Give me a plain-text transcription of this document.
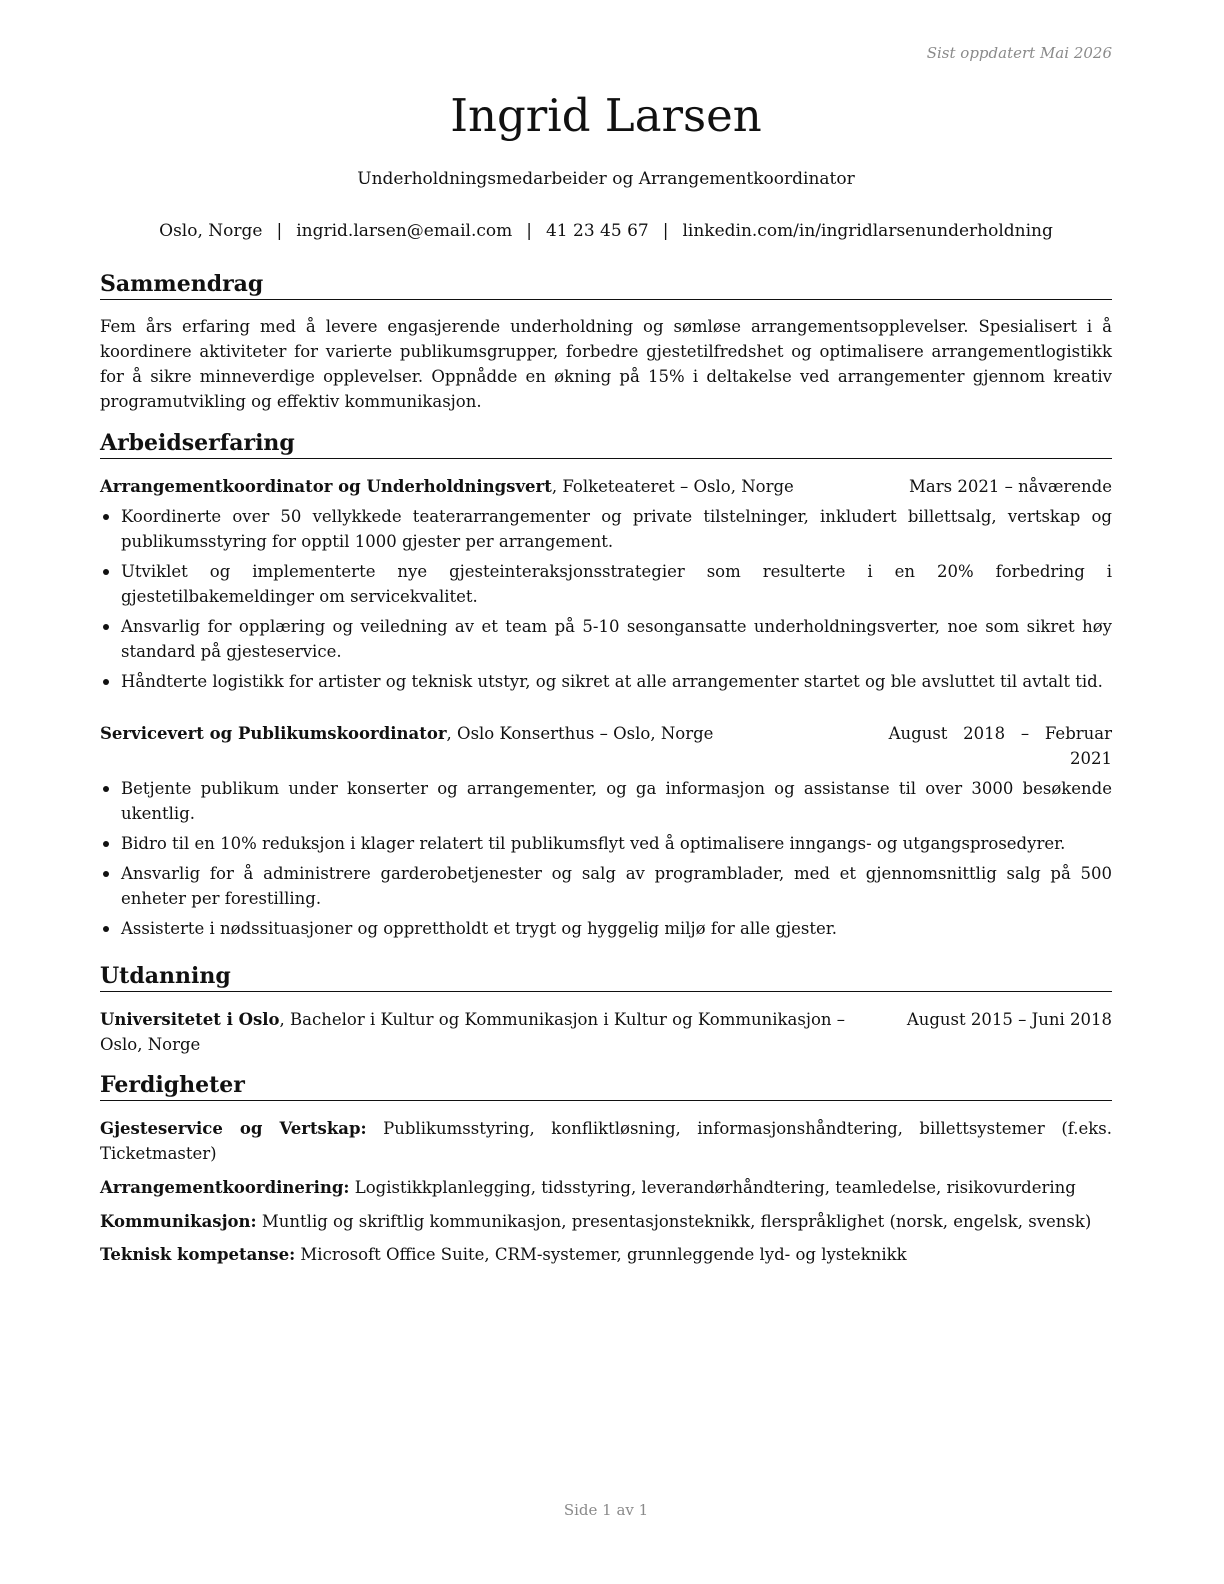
Sist oppdatert Mai 2026
Ingrid Larsen
Underholdningsmedarbeider og Arrangementkoordinator
Oslo, Norge | ingrid.larsen@email.com | 41 23 45 67 | linkedin.com/in/ingridlarsenunderholdning
Sammendrag
Fem års erfaring med å levere engasjerende underholdning og sømløse arrangementsopplevelser. Spesialisert i å koordinere aktiviteter for varierte publikumsgrupper, forbedre gjestetilfredshet og optimalisere arrangementlogistikk for å sikre minneverdige opplevelser. Oppnådde en økning på 15% i deltakelse ved arrangementer gjennom kreativ programutvikling og effektiv kommunikasjon.
Arbeidserfaring
Arrangementkoordinator og Underholdningsvert, Folketeateret – Oslo, Norge	Mars 2021 – nåværende
Koordinerte over 50 vellykkede teaterarrangementer og private tilstelninger, inkludert billettsalg, vertskap og publikumsstyring for opptil 1000 gjester per arrangement.
Utviklet og implementerte nye gjesteinteraksjonsstrategier som resulterte i en 20% forbedring i gjestetilbakemeldinger om servicekvalitet.
Ansvarlig for opplæring og veiledning av et team på 5-10 sesongansatte underholdningsverter, noe som sikret høy standard på gjesteservice.
Håndterte logistikk for artister og teknisk utstyr, og sikret at alle arrangementer startet og ble avsluttet til avtalt tid.
Servicevert og Publikumskoordinator, Oslo Konserthus – Oslo, Norge	August   2018   –   Februar
2021
Betjente publikum under konserter og arrangementer, og ga informasjon og assistanse til over 3000 besøkende ukentlig.
Bidro til en 10% reduksjon i klager relatert til publikumsflyt ved å optimalisere inngangs- og utgangsprosedyrer.
Ansvarlig for å administrere garderobetjenester og salg av programblader, med et gjennomsnittlig salg på 500 enheter per forestilling.
Assisterte i nødssituasjoner og opprettholdt et trygt og hyggelig miljø for alle gjester.
Utdanning
Universitetet i Oslo, Bachelor i Kultur og Kommunikasjon i Kultur og Kommunikasjon –	August 2015 – Juni 2018
Oslo, Norge
Ferdigheter
Gjesteservice og Vertskap: Publikumsstyring, konfliktløsning, informasjonshåndtering, billettsystemer (f.eks. Ticketmaster)
Arrangementkoordinering: Logistikkplanlegging, tidsstyring, leverandørhåndtering, teamledelse, risikovurdering
Kommunikasjon: Muntlig og skriftlig kommunikasjon, presentasjonsteknikk, flerspråklighet (norsk, engelsk, svensk)
Teknisk kompetanse: Microsoft Office Suite, CRM-systemer, grunnleggende lyd- og lysteknikk
Side 1 av 1
